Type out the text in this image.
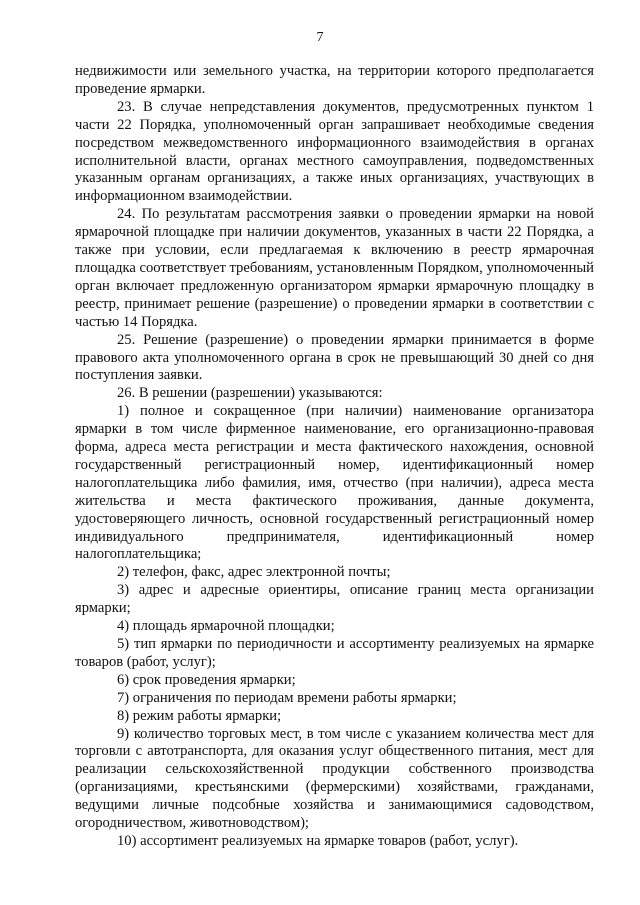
7

недвижимости или земельного участка, на территории которого предполагается проведение ярмарки.

23. В случае непредставления документов, предусмотренных пунктом 1 части 22 Порядка, уполномоченный орган запрашивает необходимые сведения посредством межведомственного информационного взаимодействия в органах исполнительной власти, органах местного самоуправления, подведомственных указанным органам организациях, а также иных организациях, участвующих в информационном взаимодействии.

24. По результатам рассмотрения заявки о проведении ярмарки на новой ярмарочной площадке при наличии документов, указанных в части 22 Порядка, а также при условии, если предлагаемая к включению в реестр ярмарочная площадка соответствует требованиям, установленным Порядком, уполномоченный орган включает предложенную организатором ярмарки ярмарочную площадку в реестр, принимает решение (разрешение) о проведении ярмарки в соответствии с частью 14 Порядка.

25. Решение (разрешение) о проведении ярмарки принимается в форме правового акта уполномоченного органа в срок не превышающий 30 дней со дня поступления заявки.

26. В решении (разрешении) указываются:

1) полное и сокращенное (при наличии) наименование организатора ярмарки в том числе фирменное наименование, его организационно-правовая форма, адреса места регистрации и места фактического нахождения, основной государственный регистрационный номер, идентификационный номер налогоплательщика либо фамилия, имя, отчество (при наличии), адреса места жительства и места фактического проживания, данные документа, удостоверяющего личность, основной государственный регистрационный номер индивидуального предпринимателя, идентификационный номер налогоплательщика;

2) телефон, факс, адрес электронной почты;

3) адрес и адресные ориентиры, описание границ места организации ярмарки;

4) площадь ярмарочной площадки;

5) тип ярмарки по периодичности и ассортименту реализуемых на ярмарке товаров (работ, услуг);

6) срок проведения ярмарки;

7) ограничения по периодам времени работы ярмарки;

8) режим работы ярмарки;

9) количество торговых мест, в том числе с указанием количества мест для торговли с автотранспорта, для оказания услуг общественного питания, мест для реализации сельскохозяйственной продукции собственного производства (организациями, крестьянскими (фермерскими) хозяйствами, гражданами, ведущими личные подсобные хозяйства и занимающимися садоводством, огородничеством, животноводством);

10) ассортимент реализуемых на ярмарке товаров (работ, услуг).
